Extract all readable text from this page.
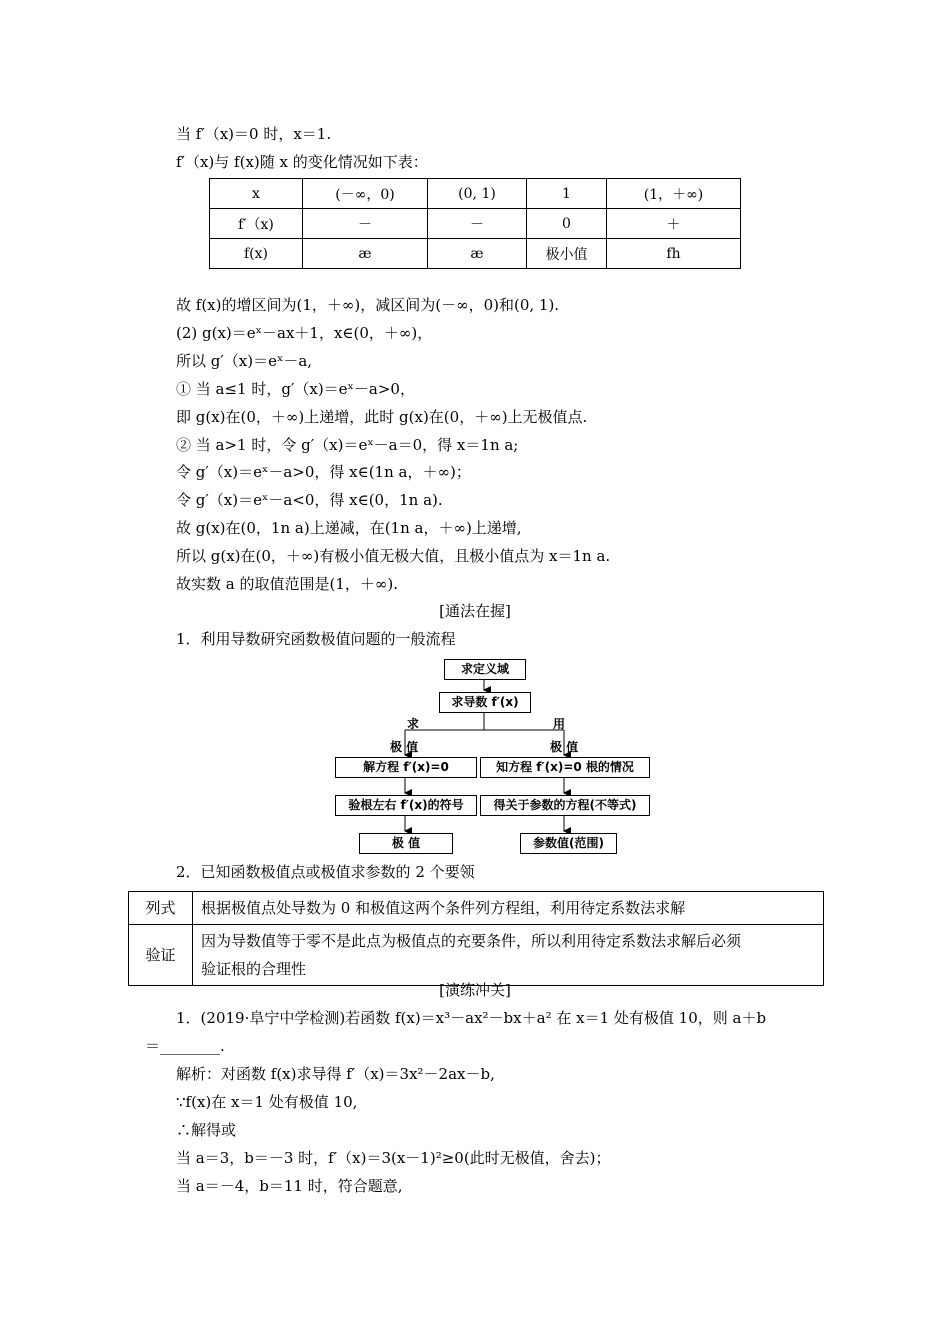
当 f′（x)＝0 时，x＝1.
f′（x)与 f(x)随 x 的变化情况如下表：
x	(－∞，0)	(0, 1)	1	(1，＋∞)
f′（x)	－	－	0	＋
f(x)	æ	æ	极小值	fh
故 f(x)的增区间为(1，＋∞)，减区间为(－∞，0)和(0, 1).
(2) g(x)＝eˣ－ax＋1，x∈(0，＋∞)，
所以 g′（x)＝eˣ－a,
① 当 a≤1 时，g′（x)＝eˣ－a>0，
即 g(x)在(0，＋∞)上递增，此时 g(x)在(0，＋∞)上无极值点.
② 当 a>1 时，令 g′（x)＝eˣ－a＝0，得 x＝1n a;
令 g′（x)＝eˣ－a>0，得 x∈(1n a，＋∞)；
令 g′（x)＝eˣ－a<0，得 x∈(0，1n a).
故 g(x)在(0，1n a)上递减，在(1n a，＋∞)上递增,
所以 g(x)在(0，＋∞)有极小值无极大值，且极小值点为 x＝1n a.
故实数 a 的取值范围是(1，＋∞).
[通法在握]
1．利用导数研究函数极值问题的一般流程
求定义域
求导数 f′(x)
求
极 值
用
极 值
解方程 f′(x)=0
验根左右 f′(x)的符号
极 值
知方程 f′(x)=0 根的情况
得关于参数的方程(不等式)
参数值(范围)
2．已知函数极值点或极值求参数的 2 个要领
列式	根据极值点处导数为 0 和极值这两个条件列方程组，利用待定系数法求解
验证	因为导数值等于零不是此点为极值点的充要条件，所以利用待定系数法求解后必须
验证根的合理性
[演练冲关]
1．(2019·阜宁中学检测)若函数 f(x)＝x³－ax²－bx＋a² 在 x＝1 处有极值 10，则 a＋b
＝________.
解析：对函数 f(x)求导得 f′（x)＝3x²－2ax－b,
∵f(x)在 x＝1 处有极值 10,
∴解得或
当 a＝3，b＝－3 时，f′（x)＝3(x－1)²≥0(此时无极值，舍去)；
当 a＝－4，b＝11 时，符合题意,
